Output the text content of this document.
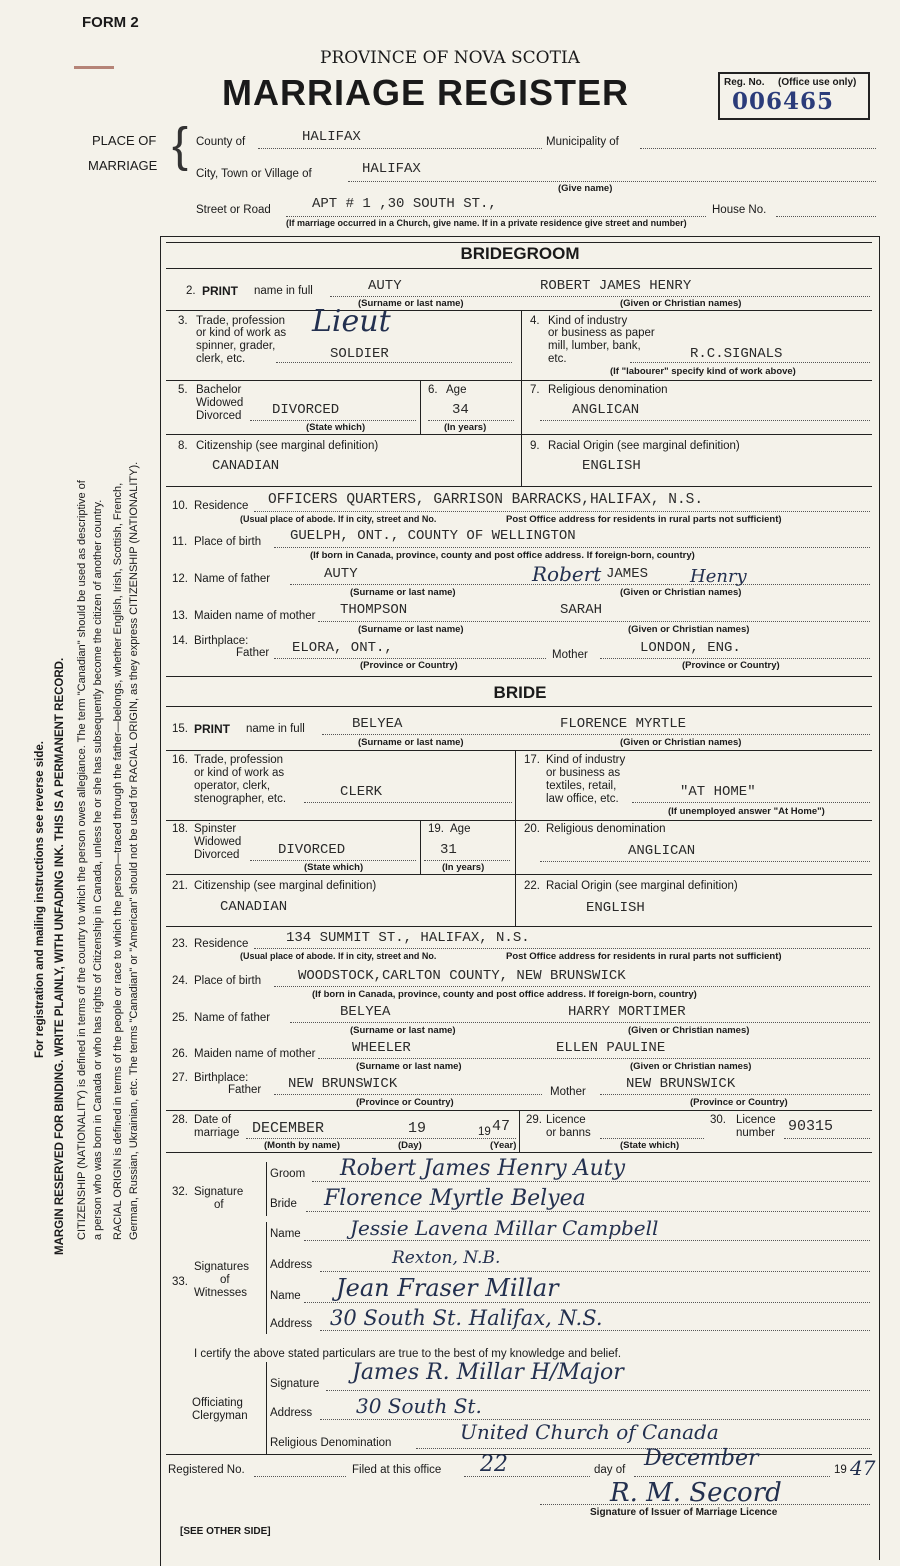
For registration and mailing instructions see reverse side. MARGIN RESERVED FOR BINDING. WRITE PLAINLY, WITH UNFADING INK. THIS IS A PERMANENT RECORD. CITIZENSHIP (NATIONALITY) is defined in terms of the country to which the person owes allegiance. The term "Canadian" should be used as descriptive of a person who was born in Canada or who has rights of Citizenship in Canada, unless he or she has subsequently become the citizen of another country. RACIAL ORIGIN is defined in terms of the people or race to which the person—traced through the father—belongs, whether English, Irish, Scottish, French, German, Russian, Ukrainian, etc. The terms "Canadian" or "American" should not be used for RACIAL ORIGIN, as they express CITIZENSHIP (NATIONALITY).
FORM 2
PROVINCE OF NOVA SCOTIA
MARRIAGE REGISTER	Reg. No. (Office use only)
006465
PLACE OF
MARRIAGE { County of	HALIFAX	Municipality of
City, Town or Village of	HALIFAX
(Give name)
Street or Road	APT # 1 ,30 SOUTH ST.,	House No.
(If marriage occurred in a Church, give name. If in a private residence give street and number)
BRIDEGROOM
2. PRINT name in full	AUTY	ROBERT JAMES HENRY
(Surname or last name)	(Given or Christian names)
3. Trade, profession
or kind of work as
spinner, grader,
clerk, etc.
Lieut
SOLDIER
4. Kind of industry
or business as paper
mill, lumber, bank,
etc.	R.C.SIGNALS
(If "labourer" specify kind of work above)
5. Bachelor
Widowed
Divorced DIVORCED
(State which)
6. Age
34
(In years)
7. Religious denomination
ANGLICAN
8. Citizenship (see marginal definition)
CANADIAN
9. Racial Origin (see marginal definition)
ENGLISH
10. Residence OFFICERS QUARTERS, GARRISON BARRACKS,HALIFAX, N.S.
(Usual place of abode. If in city, street and No.	Post Office address for residents in rural parts not sufficient)
11. Place of birth GUELPH, ONT., COUNTY OF WELLINGTON
(If born in Canada, province, county and post office address. If foreign-born, country)
12. Name of father	AUTY	Robert JAMES Henry
(Surname or last name)	(Given or Christian names)
13. Maiden name of mother THOMPSON	SARAH
(Surname or last name)	(Given or Christian names)
14. Birthplace:
Father ELORA, ONT.,
(Province or Country)
Mother	LONDON, ENG.
(Province or Country)
BRIDE
15. PRINT name in full	BELYEA	FLORENCE MYRTLE
(Surname or last name)	(Given or Christian names)
16. Trade, profession
or kind of work as
operator, clerk,
stenographer, etc.	CLERK
17. Kind of industry
or business as
textiles, retail,
law office, etc.	"AT HOME"
(If unemployed answer "At Home")
18. Spinster
Widowed
Divorced	DIVORCED
(State which)
19. Age
31
(In years)
20. Religious denomination
ANGLICAN
21. Citizenship (see marginal definition)
CANADIAN
22. Racial Origin (see marginal definition)
ENGLISH
23. Residence	134 SUMMIT ST., HALIFAX, N.S.
(Usual place of abode. If in city, street and No.	Post Office address for residents in rural parts not sufficient)
24. Place of birth	WOODSTOCK,CARLTON COUNTY, NEW BRUNSWICK
(If born in Canada, province, county and post office address. If foreign-born, country)
25. Name of father	BELYEA	HARRY MORTIMER
(Surname or last name)	(Given or Christian names)
26. Maiden name of mother	WHEELER	ELLEN PAULINE
(Surname or last name)	(Given or Christian names)
27. Birthplace:
Father NEW BRUNSWICK
(Province or Country)
Mother	NEW BRUNSWICK
(Province or Country)
28. Date of
marriage DECEMBER	19	19 47
(Month by name)	(Day)	(Year)
29. Licence
or banns
(State which)
30. Licence
number 90315
32. Signature
of
Groom Robert James Henry Auty
Bride Florence Myrtle Belyea
33.
Signatures
of
Witnesses
Name Jessie Lavena Millar Campbell
Address	Rexton, N.B.
Name Jean Fraser Millar
Address 30 South St. Halifax, N.S.
I certify the above stated particulars are true to the best of my knowledge and belief.
Officiating
Clergyman
Signature James R. Millar H/Major
Address 30 South St.
Religious Denomination	United Church of Canada
Registered No.	Filed at this office 22	day of December	19 47
R. M. Secord
Signature of Issuer of Marriage Licence
[SEE OTHER SIDE]
